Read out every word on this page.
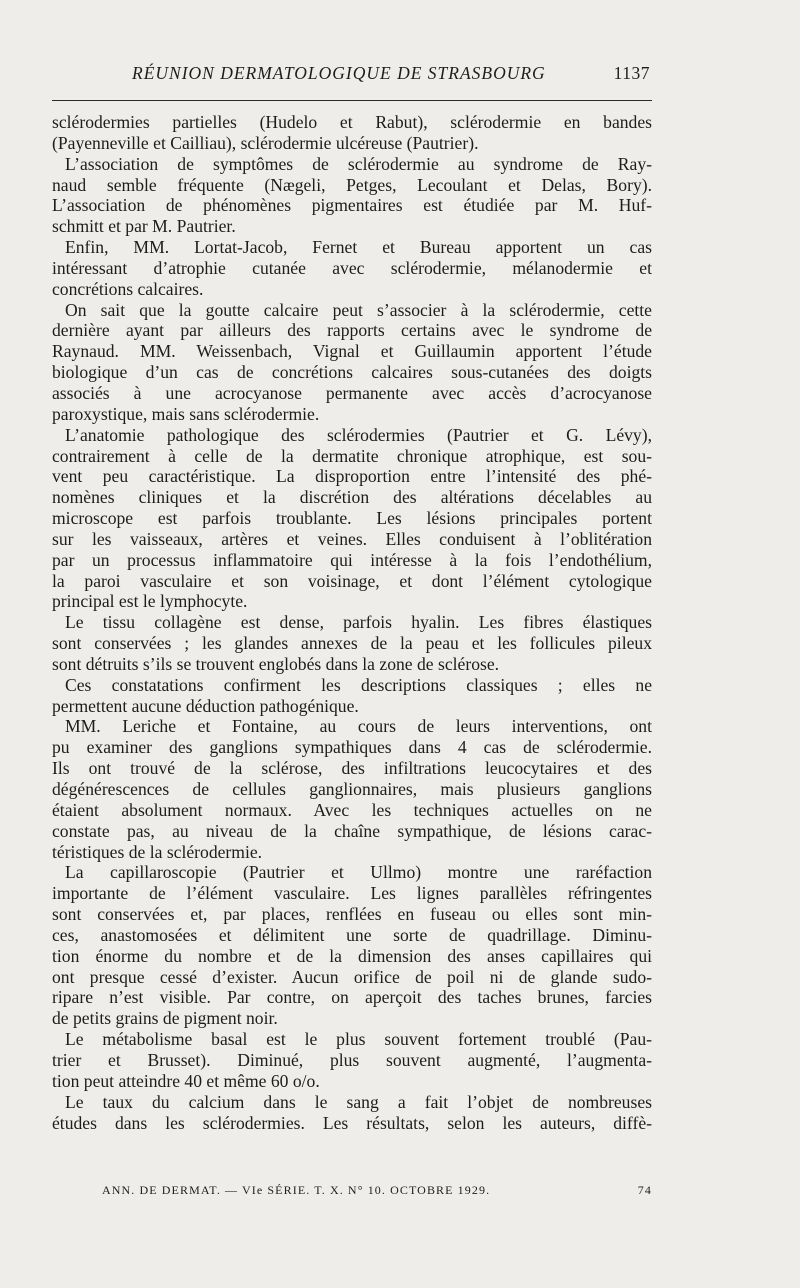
RÉUNION DERMATOLOGIQUE DE STRASBOURG	1137
sclérodermies partielles (Hudelo et Rabut), sclérodermie en bandes
(Payenneville et Cailliau), sclérodermie ulcéreuse (Pautrier).
L’association de symptômes de sclérodermie au syndrome de Ray-
naud semble fréquente (Nægeli, Petges, Lecoulant et Delas, Bory).
L’association de phénomènes pigmentaires est étudiée par M. Huf-
schmitt et par M. Pautrier.
Enfin, MM. Lortat-Jacob, Fernet et Bureau apportent un cas
intéressant d’atrophie cutanée avec sclérodermie, mélanodermie et
concrétions calcaires.
On sait que la goutte calcaire peut s’associer à la sclérodermie, cette
dernière ayant par ailleurs des rapports certains avec le syndrome de
Raynaud. MM. Weissenbach, Vignal et Guillaumin apportent l’étude
biologique d’un cas de concrétions calcaires sous-cutanées des doigts
associés à une acrocyanose permanente avec accès d’acrocyanose
paroxystique, mais sans sclérodermie.
L’anatomie pathologique des sclérodermies (Pautrier et G. Lévy),
contrairement à celle de la dermatite chronique atrophique, est sou-
vent peu caractéristique. La disproportion entre l’intensité des phé-
nomènes cliniques et la discrétion des altérations décelables au
microscope est parfois troublante. Les lésions principales portent
sur les vaisseaux, artères et veines. Elles conduisent à l’oblitération
par un processus inflammatoire qui intéresse à la fois l’endothélium,
la paroi vasculaire et son voisinage, et dont l’élément cytologique
principal est le lymphocyte.
Le tissu collagène est dense, parfois hyalin. Les fibres élastiques
sont conservées ; les glandes annexes de la peau et les follicules pileux
sont détruits s’ils se trouvent englobés dans la zone de sclérose.
Ces constatations confirment les descriptions classiques ; elles ne
permettent aucune déduction pathogénique.
MM. Leriche et Fontaine, au cours de leurs interventions, ont
pu examiner des ganglions sympathiques dans 4 cas de sclérodermie.
Ils ont trouvé de la sclérose, des infiltrations leucocytaires et des
dégénérescences de cellules ganglionnaires, mais plusieurs ganglions
étaient absolument normaux. Avec les techniques actuelles on ne
constate pas, au niveau de la chaîne sympathique, de lésions carac-
téristiques de la sclérodermie.
La capillaroscopie (Pautrier et Ullmo) montre une raréfaction
importante de l’élément vasculaire. Les lignes parallèles réfringentes
sont conservées et, par places, renflées en fuseau ou elles sont min-
ces, anastomosées et délimitent une sorte de quadrillage. Diminu-
tion énorme du nombre et de la dimension des anses capillaires qui
ont presque cessé d’exister. Aucun orifice de poil ni de glande sudo-
ripare n’est visible. Par contre, on aperçoit des taches brunes, farcies
de petits grains de pigment noir.
Le métabolisme basal est le plus souvent fortement troublé (Pau-
trier et Brusset). Diminué, plus souvent augmenté, l’augmenta-
tion peut atteindre 40 et même 60 o/o.
Le taux du calcium dans le sang a fait l’objet de nombreuses
études dans les sclérodermies. Les résultats, selon les auteurs, diffè-
ANN. DE DERMAT. — VIe SÉRIE. T. X. N° 10. OCTOBRE 1929.	74
